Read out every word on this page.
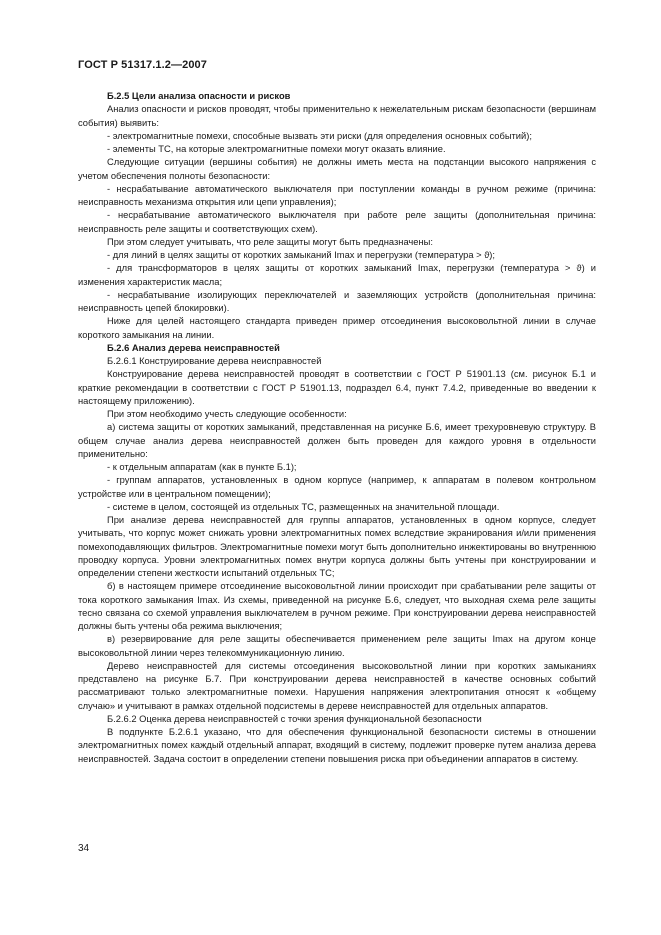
ГОСТ Р 51317.1.2—2007

Б.2.5 Цели анализа опасности и рисков

Анализ опасности и рисков проводят, чтобы применительно к нежелательным рискам безопасности (вершинам события) выявить:

- электромагнитные помехи, способные вызвать эти риски (для определения основных событий);

- элементы ТС, на которые электромагнитные помехи могут оказать влияние.

Следующие ситуации (вершины события) не должны иметь места на подстанции высокого напряжения с учетом обеспечения полноты безопасности:

- несрабатывание автоматического выключателя при поступлении команды в ручном режиме (причина: неисправность механизма открытия или цепи управления);

- несрабатывание автоматического выключателя при работе реле защиты (дополнительная причина: неисправность реле защиты и соответствующих схем).

При этом следует учитывать, что реле защиты могут быть предназначены:

- для линий в целях защиты от коротких замыканий Imax и перегрузки (температура > ϑ);

- для трансформаторов в целях защиты от коротких замыканий Imax, перегрузки (температура > ϑ) и изменения характеристик масла;

- несрабатывание изолирующих переключателей и заземляющих устройств (дополнительная причина: неисправность цепей блокировки).

Ниже для целей настоящего стандарта приведен пример отсоединения высоковольтной линии в случае короткого замыкания на линии.

Б.2.6 Анализ дерева неисправностей

Б.2.6.1 Конструирование дерева неисправностей

Конструирование дерева неисправностей проводят в соответствии с ГОСТ Р 51901.13 (см. рисунок Б.1 и краткие рекомендации в соответствии с ГОСТ Р 51901.13, подраздел 6.4, пункт 7.4.2, приведенные во введении к настоящему приложению).

При этом необходимо учесть следующие особенности:

а) система защиты от коротких замыканий, представленная на рисунке Б.6, имеет трехуровневую структуру. В общем случае анализ дерева неисправностей должен быть проведен для каждого уровня в отдельности применительно:

- к отдельным аппаратам (как в пункте Б.1);

- группам аппаратов, установленных в одном корпусе (например, к аппаратам в полевом контрольном устройстве или в центральном помещении);

- системе в целом, состоящей из отдельных ТС, размещенных на значительной площади.

При анализе дерева неисправностей для группы аппаратов, установленных в одном корпусе, следует учитывать, что корпус может снижать уровни электромагнитных помех вследствие экранирования и/или применения помехоподавляющих фильтров. Электромагнитные помехи могут быть дополнительно инжектированы во внутреннюю проводку корпуса. Уровни электромагнитных помех внутри корпуса должны быть учтены при конструировании и определении степени жесткости испытаний отдельных ТС;

б) в настоящем примере отсоединение высоковольтной линии происходит при срабатывании реле защиты от тока короткого замыкания Imax. Из схемы, приведенной на рисунке Б.6, следует, что выходная схема реле защиты тесно связана со схемой управления выключателем в ручном режиме. При конструировании дерева неисправностей должны быть учтены оба режима выключения;

в) резервирование для реле защиты обеспечивается применением реле защиты Imax на другом конце высоковольтной линии через телекоммуникационную линию.

Дерево неисправностей для системы отсоединения высоковольтной линии при коротких замыканиях представлено на рисунке Б.7. При конструировании дерева неисправностей в качестве основных событий рассматривают только электромагнитные помехи. Нарушения напряжения электропитания относят к «общему случаю» и учитывают в рамках отдельной подсистемы в дереве неисправностей для отдельных аппаратов.

Б.2.6.2 Оценка дерева неисправностей с точки зрения функциональной безопасности

В подпункте Б.2.6.1 указано, что для обеспечения функциональной безопасности системы в отношении электромагнитных помех каждый отдельный аппарат, входящий в систему, подлежит проверке путем анализа дерева неисправностей. Задача состоит в определении степени повышения риска при объединении аппаратов в систему.

34
